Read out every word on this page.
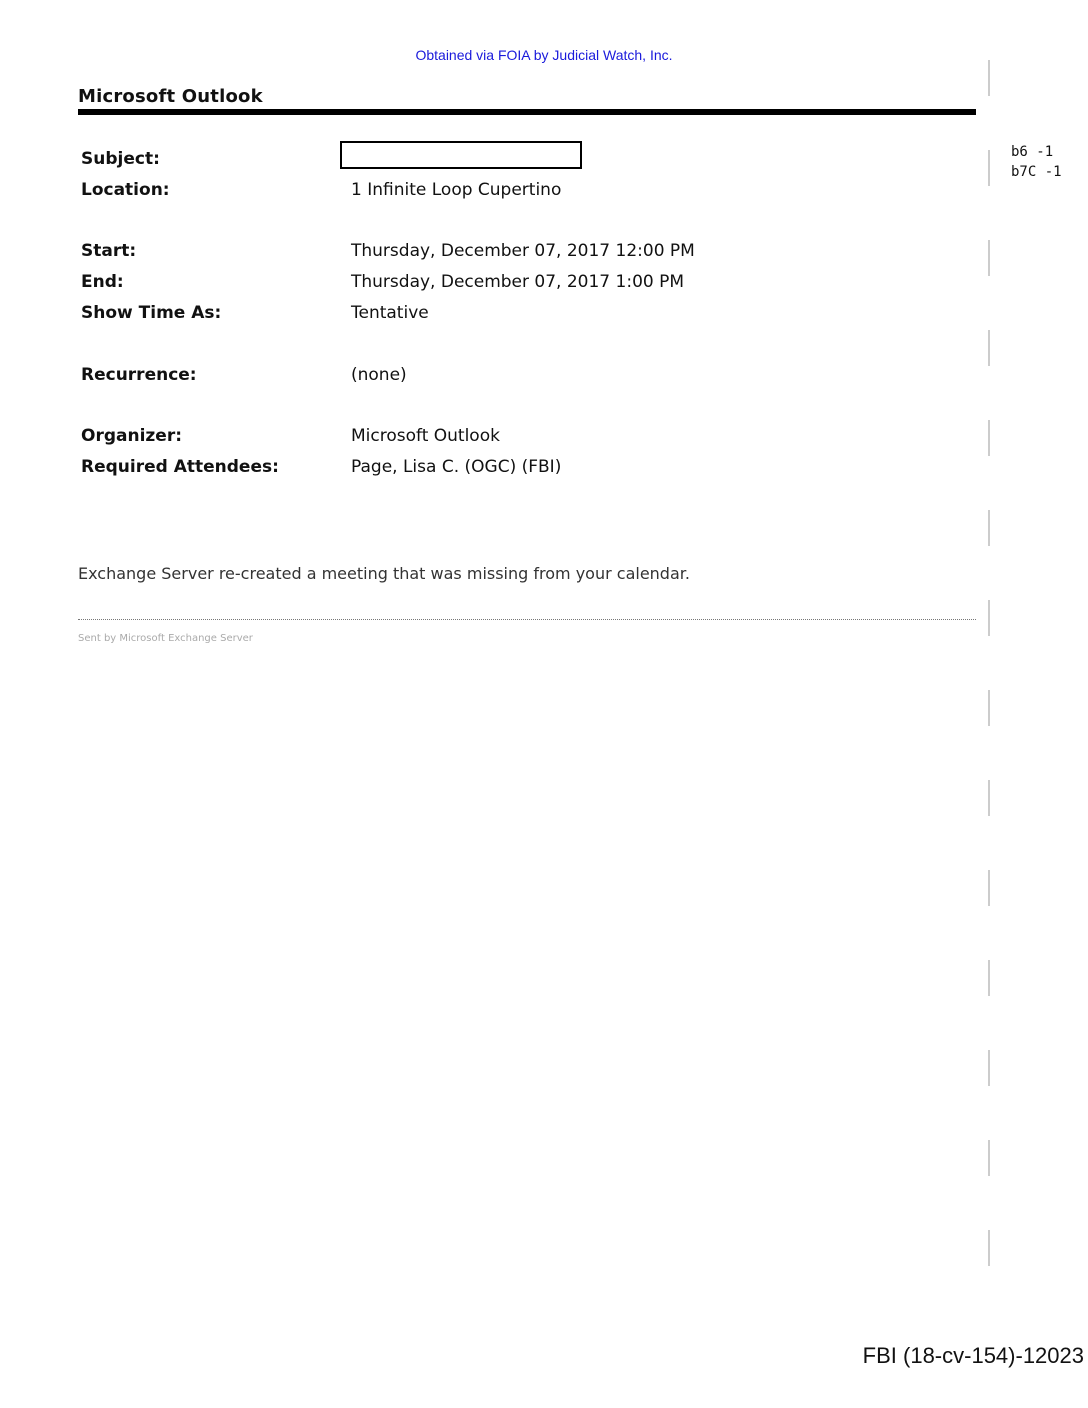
Obtained via FOIA by Judicial Watch, Inc.
Microsoft Outlook
Subject:
Location:	1 Infinite Loop Cupertino
Start:	Thursday, December 07, 2017 12:00 PM
End:	Thursday, December 07, 2017 1:00 PM
Show Time As:	Tentative
Recurrence:	(none)
Organizer:	Microsoft Outlook
Required Attendees:	Page, Lisa C. (OGC) (FBI)
b6 -1
b7C -1
Exchange Server re-created a meeting that was missing from your calendar.
Sent by Microsoft Exchange Server
FBI (18-cv-154)-12023
